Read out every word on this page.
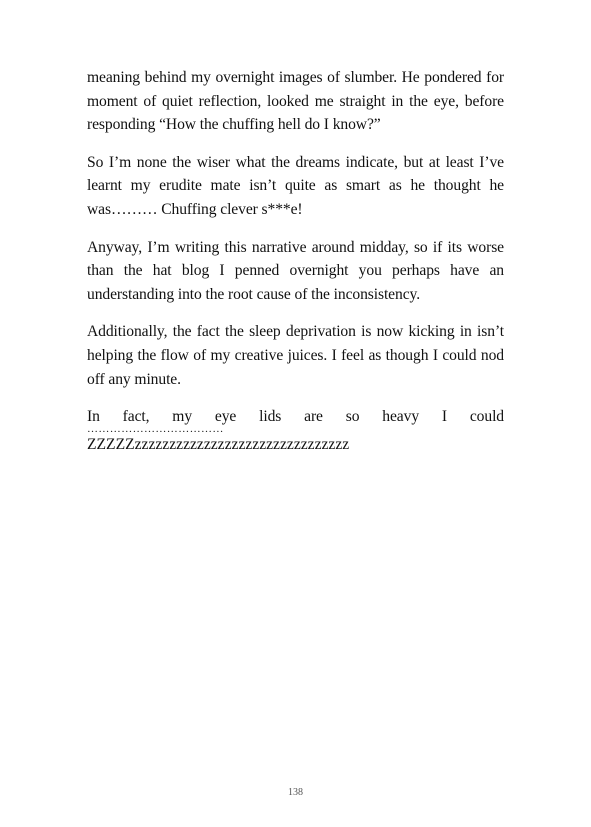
meaning behind my overnight images of slumber. He pondered for moment of quiet reflection, looked me straight in the eye, before responding “How the chuffing hell do I know?”

So I’m none the wiser what the dreams indicate, but at least I’ve learnt my erudite mate isn’t quite as smart as he thought he was……… Chuffing clever s***e!

Anyway, I’m writing this narrative around midday, so if its worse than the hat blog I penned overnight you perhaps have an understanding into the root cause of the inconsistency.

Additionally, the fact the sleep deprivation is now kicking in isn’t helping the flow of my creative juices. I feel as though I could nod off any minute.

In fact, my eye lids are so heavy I could

………………………………
ZZZZZzzzzzzzzzzzzzzzzzzzzzzzzzzzzzzz
138
